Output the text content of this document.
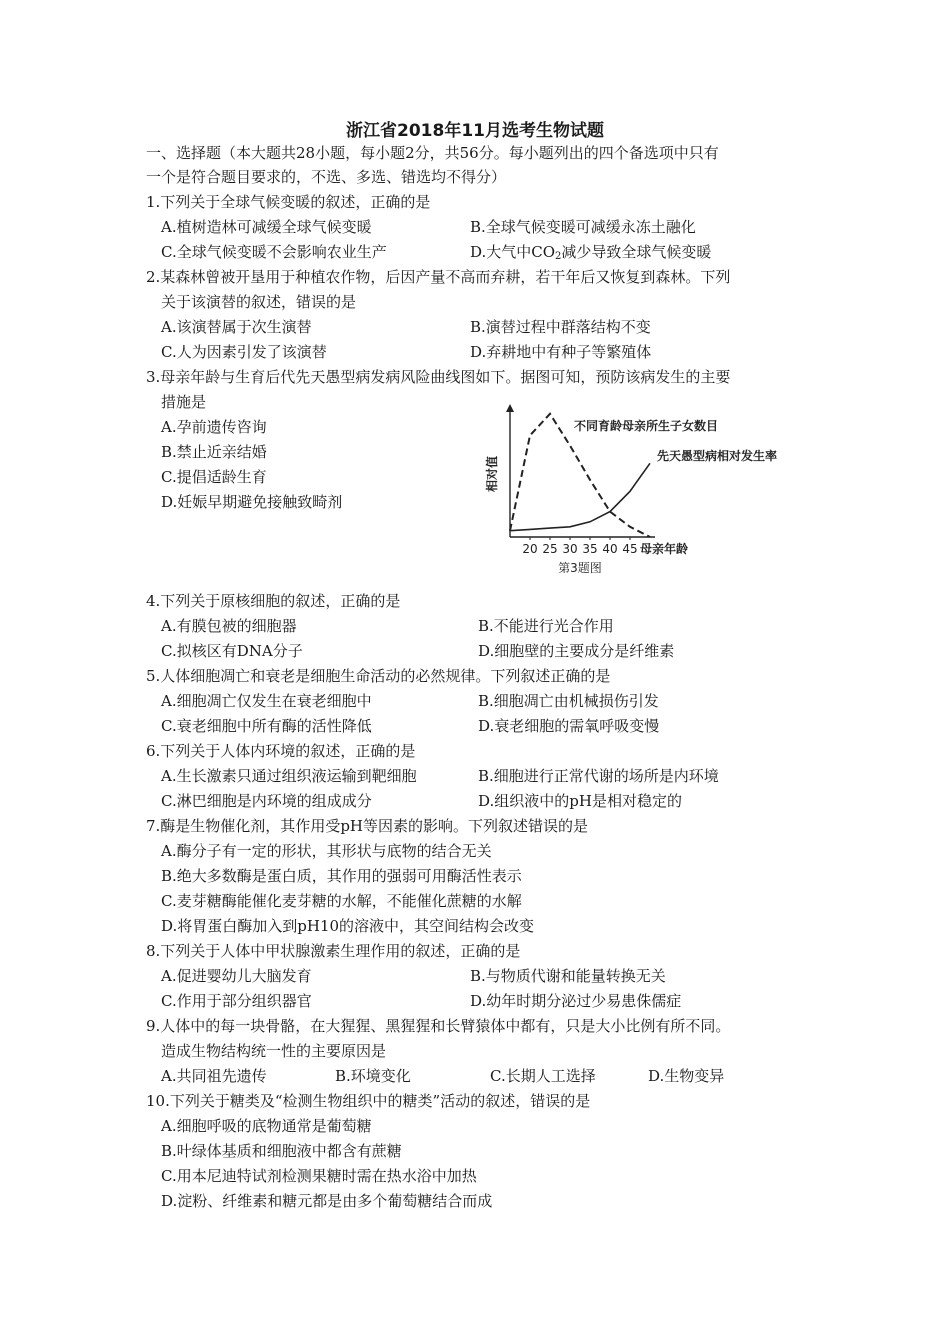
浙江省2018年11月选考生物试题
一、选择题（本大题共28小题，每小题2分，共56分。每小题列出的四个备选项中只有
一个是符合题目要求的，不选、多选、错选均不得分）
1.下列关于全球气候变暖的叙述，正确的是
A.植树造林可减缓全球气候变暖	B.全球气候变暖可减缓永冻土融化
C.全球气候变暖不会影响农业生产	D.大气中$CO_2$减少导致全球气候变暖
2.某森林曾被开垦用于种植农作物，后因产量不高而弃耕，若干年后又恢复到森林。下列
关于该演替的叙述，错误的是
A.该演替属于次生演替	B.演替过程中群落结构不变
C.人为因素引发了该演替	D.弃耕地中有种子等繁殖体
3.母亲年龄与生育后代先天愚型病发病风险曲线图如下。据图可知，预防该病发生的主要
措施是
A.孕前遗传咨询
B.禁止近亲结婚
C.提倡适龄生育
D.妊娠早期避免接触致畸剂
20 25 30 35 40 45 母亲年龄
相对值
第3题图
不同育龄母亲所生子女数目
先天愚型病相对发生率
4.下列关于原核细胞的叙述，正确的是
A.有膜包被的细胞器	B.不能进行光合作用
C.拟核区有DNA分子	D.细胞壁的主要成分是纤维素
5.人体细胞凋亡和衰老是细胞生命活动的必然规律。下列叙述正确的是
A.细胞凋亡仅发生在衰老细胞中	B.细胞凋亡由机械损伤引发
C.衰老细胞中所有酶的活性降低	D.衰老细胞的需氧呼吸变慢
6.下列关于人体内环境的叙述，正确的是
A.生长激素只通过组织液运输到靶细胞	B.细胞进行正常代谢的场所是内环境
C.淋巴细胞是内环境的组成成分	D.组织液中的pH是相对稳定的
7.酶是生物催化剂，其作用受pH等因素的影响。下列叙述错误的是
A.酶分子有一定的形状，其形状与底物的结合无关
B.绝大多数酶是蛋白质，其作用的强弱可用酶活性表示
C.麦芽糖酶能催化麦芽糖的水解，不能催化蔗糖的水解
D.将胃蛋白酶加入到pH10的溶液中，其空间结构会改变
8.下列关于人体中甲状腺激素生理作用的叙述，正确的是
A.促进婴幼儿大脑发育	B.与物质代谢和能量转换无关
C.作用于部分组织器官	D.幼年时期分泌过少易患侏儒症
9.人体中的每一块骨骼，在大猩猩、黑猩猩和长臂猿体中都有，只是大小比例有所不同。
造成生物结构统一性的主要原因是
A.共同祖先遗传	B.环境变化	C.长期人工选择	D.生物变异
10.下列关于糖类及“检测生物组织中的糖类”活动的叙述，错误的是
A.细胞呼吸的底物通常是葡萄糖
B.叶绿体基质和细胞液中都含有蔗糖
C.用本尼迪特试剂检测果糖时需在热水浴中加热
D.淀粉、纤维素和糖元都是由多个葡萄糖结合而成
